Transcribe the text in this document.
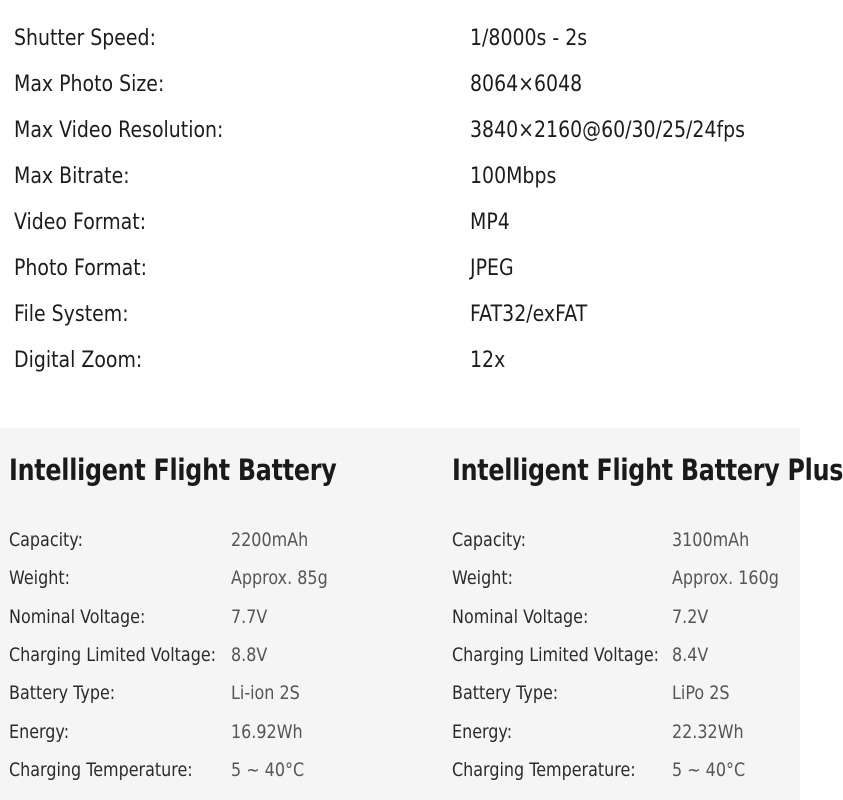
Shutter Speed:	1/8000s - 2s
Max Photo Size:	8064×6048
Max Video Resolution:	3840×2160@60/30/25/24fps
Max Bitrate:	100Mbps
Video Format:	MP4
Photo Format:	JPEG
File System:	FAT32/exFAT
Digital Zoom:	12x
Intelligent Flight Battery
Capacity:	2200mAh
Weight:	Approx. 85g
Nominal Voltage:	7.7V
Charging Limited Voltage: 8.8V
Battery Type:	Li-ion 2S
Energy:	16.92Wh
Charging Temperature: 5 ~ 40°C
Intelligent Flight Battery Plus
Capacity:	3100mAh
Weight:	Approx. 160g
Nominal Voltage:	7.2V
Charging Limited Voltage: 8.4V
Battery Type:	LiPo 2S
Energy:	22.32Wh
Charging Temperature: 5 ~ 40°C
